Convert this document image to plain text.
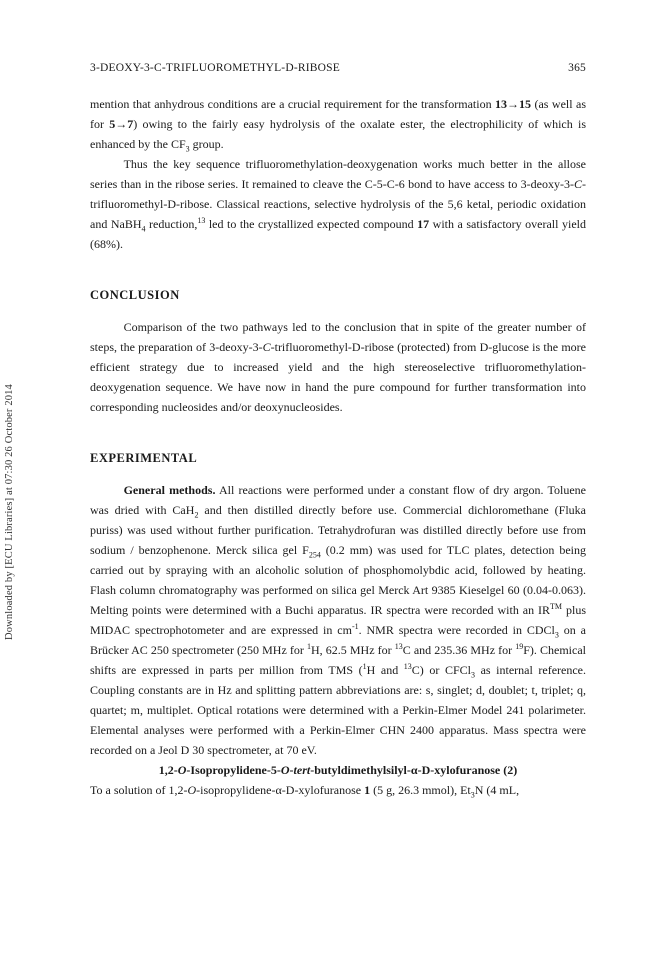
Downloaded by [ECU Libraries] at 07:30 26 October 2014
3-DEOXY-3-C-TRIFLUOROMETHYL-D-RIBOSE	365

mention that anhydrous conditions are a crucial requirement for the transformation 13→15 (as well as for 5→7) owing to the fairly easy hydrolysis of the oxalate ester, the electrophilicity of which is enhanced by the $CF_3$ group.

Thus the key sequence trifluoromethylation-deoxygenation works much better in the allose series than in the ribose series. It remained to cleave the C-5-C-6 bond to have access to 3-deoxy-3-C-trifluoromethyl-D-ribose. Classical reactions, selective hydrolysis of the 5,6 ketal, periodic oxidation and NaBH$_4$ reduction,$^{13}$ led to the crystallized expected compound 17 with a satisfactory overall yield (68%).

CONCLUSION

Comparison of the two pathways led to the conclusion that in spite of the greater number of steps, the preparation of 3-deoxy-3-C-trifluoromethyl-D-ribose (protected) from D-glucose is the more efficient strategy due to increased yield and the high stereoselective trifluoromethylation-deoxygenation sequence. We have now in hand the pure compound for further transformation into corresponding nucleosides and/or deoxynucleosides.

EXPERIMENTAL

General methods. All reactions were performed under a constant flow of dry argon. Toluene was dried with CaH$_2$ and then distilled directly before use. Commercial dichloromethane (Fluka puriss) was used without further purification. Tetrahydrofuran was distilled directly before use from sodium / benzophenone. Merck silica gel $F_{254}$ (0.2 mm) was used for TLC plates, detection being carried out by spraying with an alcoholic solution of phosphomolybdic acid, followed by heating. Flash column chromatography was performed on silica gel Merck Art 9385 Kieselgel 60 (0.04-0.063). Melting points were determined with a Buchi apparatus. IR spectra were recorded with an IR™ plus MIDAC spectrophotometer and are expressed in $cm^{-1}$. NMR spectra were recorded in CDCl$_3$ on a Brücker AC 250 spectrometer (250 MHz for $^1$H, 62.5 MHz for $^{13}$C and 235.36 MHz for $^{19}$F). Chemical shifts are expressed in parts per million from TMS ($^1$H and $^{13}$C) or CFCl$_3$ as internal reference. Coupling constants are in Hz and splitting pattern abbreviations are: s, singlet; d, doublet; t, triplet; q, quartet; m, multiplet. Optical rotations were determined with a Perkin-Elmer Model 241 polarimeter. Elemental analyses were performed with a Perkin-Elmer CHN 2400 apparatus. Mass spectra were recorded on a Jeol D 30 spectrometer, at 70 eV.

1,2-O-Isopropylidene-5-O-tert-butyldimethylsilyl-α-D-xylofuranose (2)

To a solution of 1,2-O-isopropylidene-α-D-xylofuranose 1 (5 g, 26.3 mmol), $Et_3N$ (4 mL,
